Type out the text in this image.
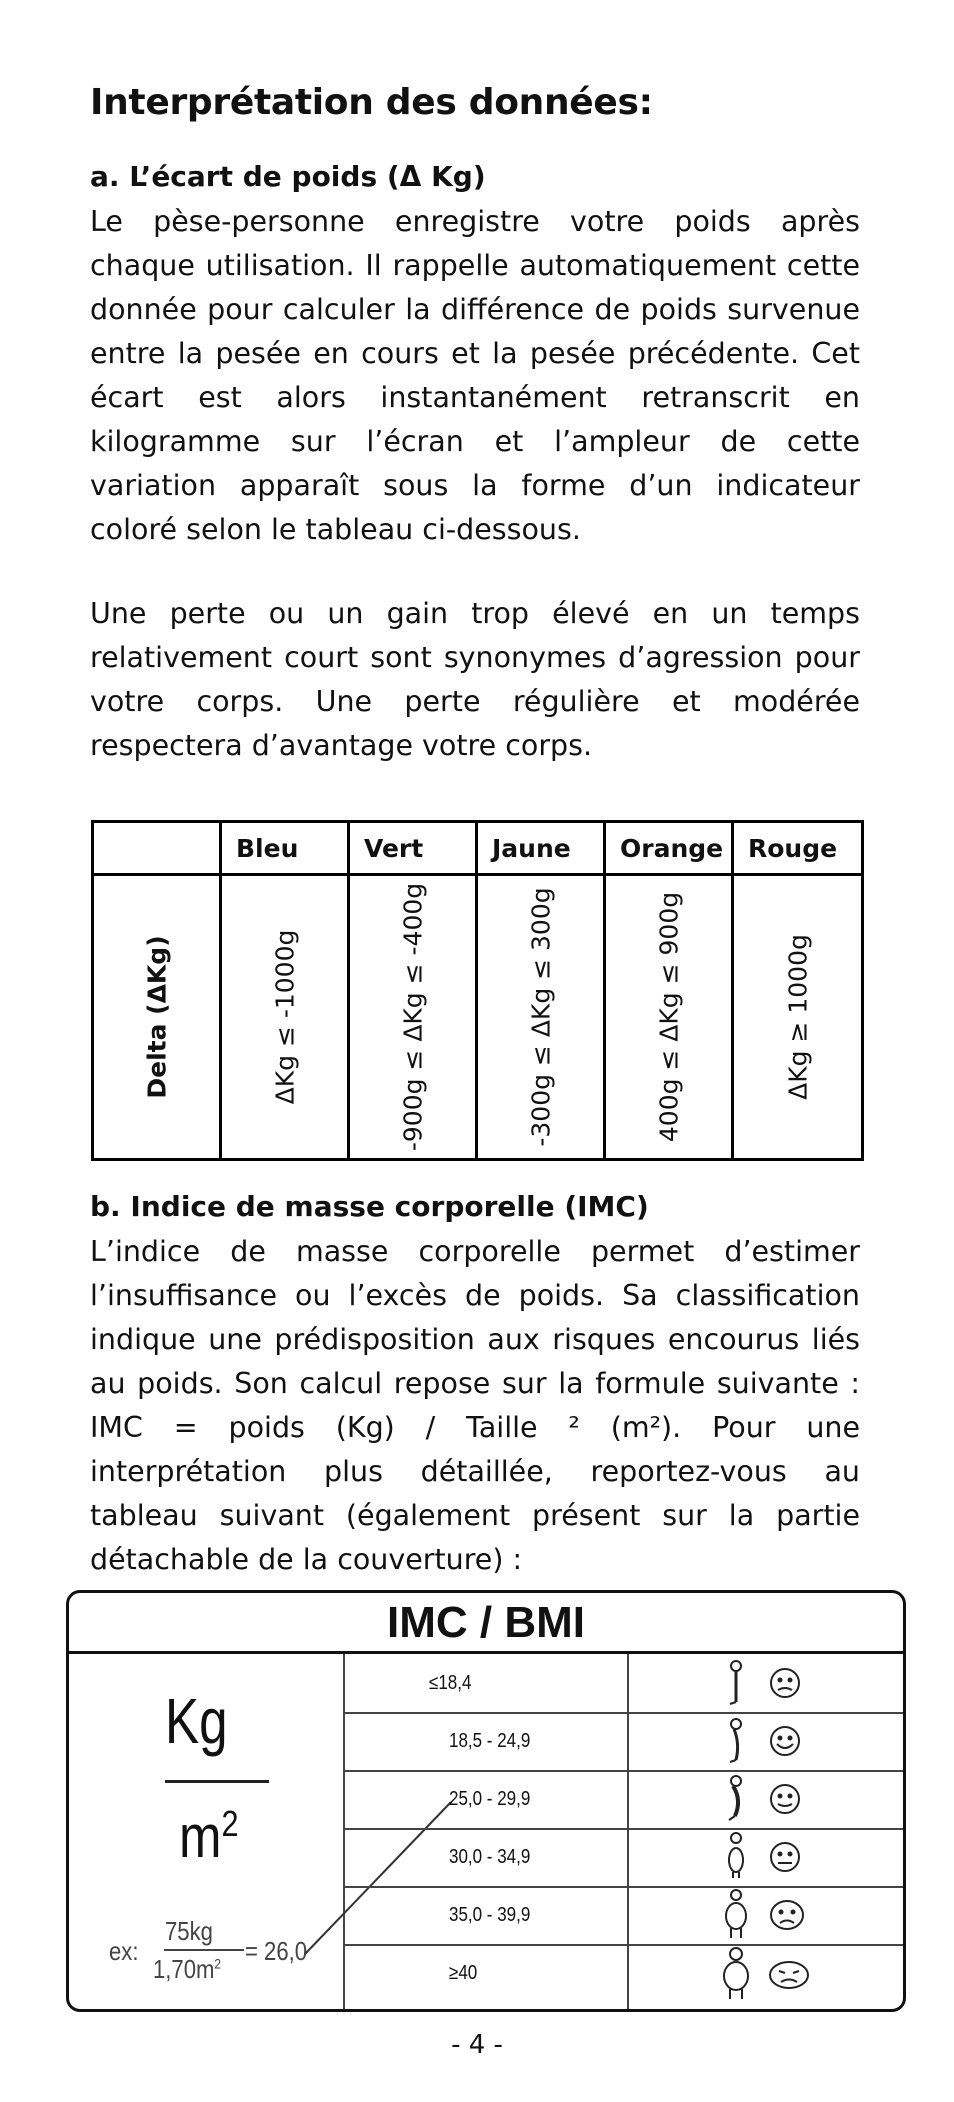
Interprétation des données:
a. L’écart de poids (Δ Kg)

Le pèse-personne enregistre votre poids après chaque utilisation. Il rappelle automatiquement cette donnée pour calculer la différence de poids survenue entre la pesée en cours et la pesée précédente. Cet écart est alors instantanément retranscrit en kilogramme sur l’écran et l’ampleur de cette variation apparaît sous la forme d’un indicateur coloré selon le tableau ci-dessous.

Une perte ou un gain trop élevé en un temps relativement court sont synonymes d’agression pour votre corps. Une perte régulière et modérée respectera d’avantage votre corps.

	Bleu	Vert	Jaune	Orange	Rouge

Delta (ΔKg)	ΔKg ≤ -1000g	-900g ≤ ΔKg ≤ -400g	-300g ≤ ΔKg ≤ 300g	400g ≤ ΔKg ≤ 900g	ΔKg ≥ 1000g
b. Indice de masse corporelle (IMC)

L’indice de masse corporelle permet d’estimer l’insuffisance ou l’excès de poids. Sa classification indique une prédisposition aux risques encourus liés au poids. Son calcul repose sur la formule suivante : IMC = poids (Kg) / Taille ² (m²). Pour une interprétation plus détaillée, reportez-vous au tableau suivant (également présent sur la partie détachable de la couverture) :

IMC / BMI
Kg
$m^2$
ex:
75kg
$1,70m^2 = 26,0$
≤18,4
18,5 - 24,9
25,0 - 29,9
30,0 - 34,9
35,0 - 39,9
≥40
- 4 -
